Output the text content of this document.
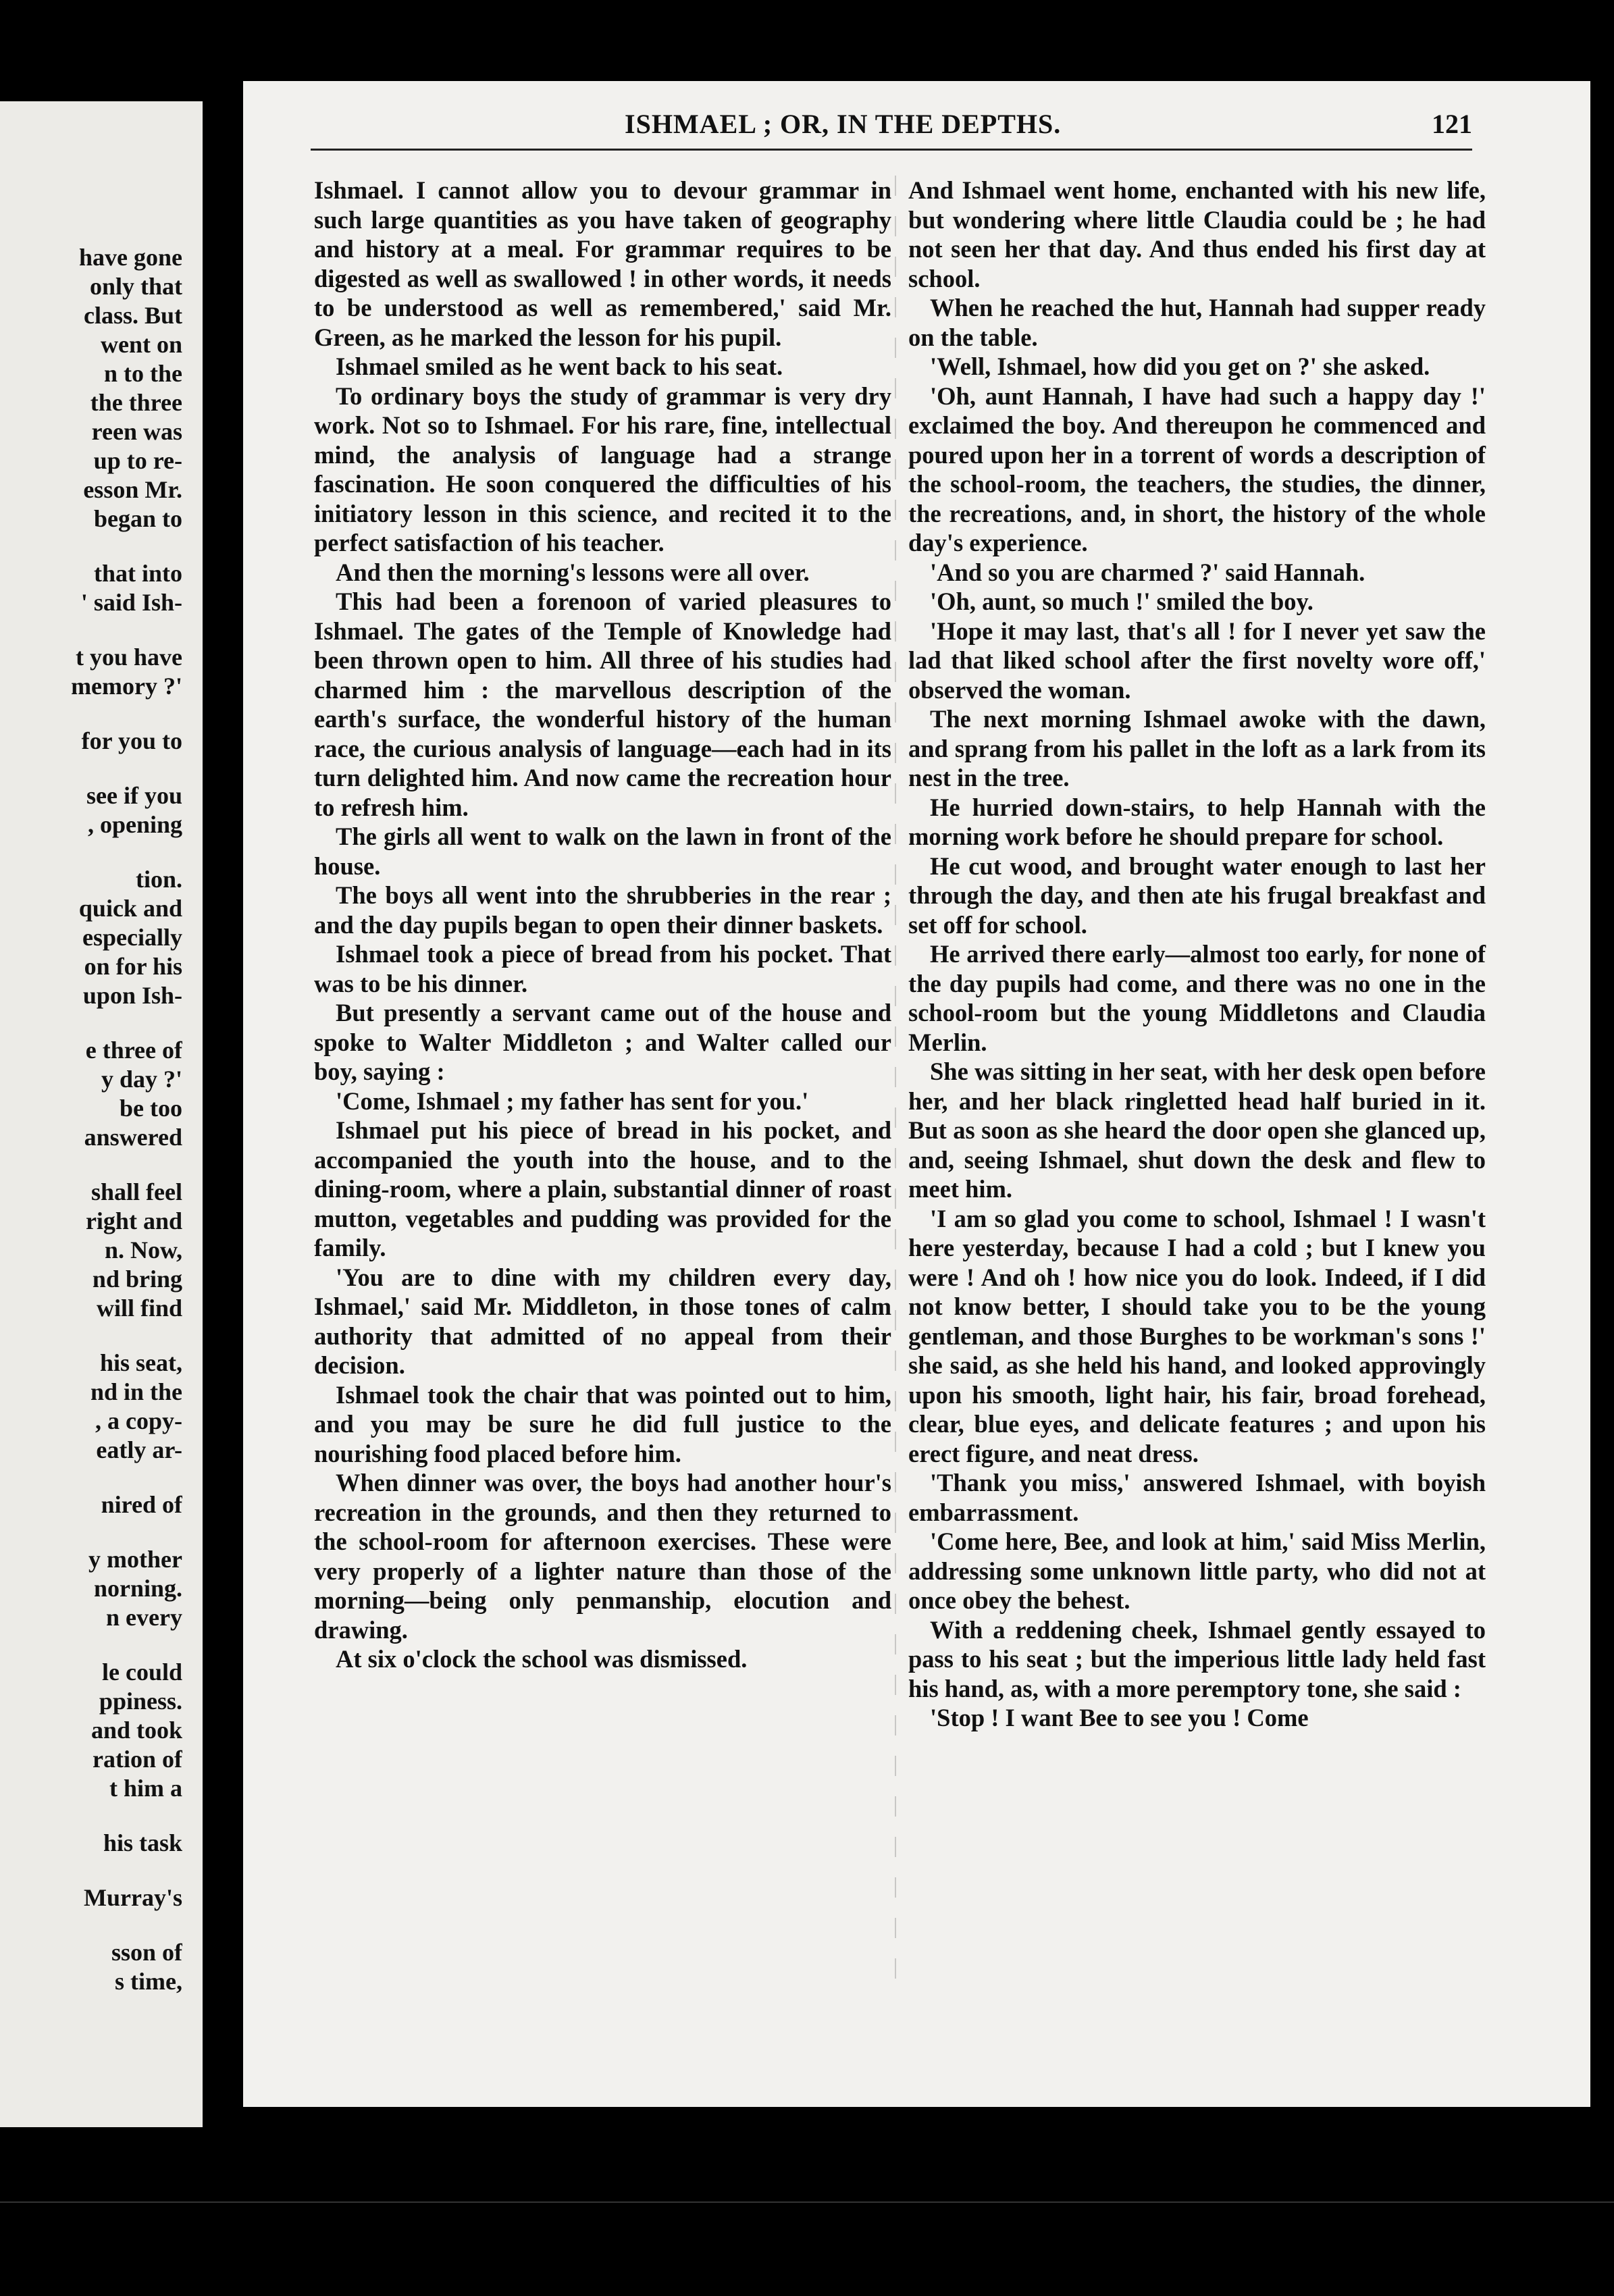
have gone
only that
class. But
went on
n to the
the three
reen was
up to re-
esson Mr.
began to
that into
' said Ish-
t you have
memory ?'
for you to
see if you
, opening
tion.
quick and
especially
on for his
upon Ish-
e three of
y day ?'
be too
answered
shall feel
right and
n. Now,
nd bring
will find
his seat,
nd in the
, a copy-
eatly ar-
nired of
y mother
norning.
n every
le could
ppiness.
and took
ration of
t him a
his task
Murray's
sson of
s time,
ISHMAEL ; OR, IN THE DEPTHS.	121

Ishmael. I cannot allow you to devour grammar in such large quantities as you have taken of geography and history at a meal. For grammar requires to be digested as well as swallowed ! in other words, it needs to be understood as well as remembered,' said Mr. Green, as he marked the lesson for his pupil.

Ishmael smiled as he went back to his seat.

To ordinary boys the study of grammar is very dry work. Not so to Ishmael. For his rare, fine, intellectual mind, the analysis of language had a strange fascination. He soon conquered the difficulties of his initiatory lesson in this science, and recited it to the perfect satisfaction of his teacher.

And then the morning's lessons were all over.

This had been a forenoon of varied pleasures to Ishmael. The gates of the Temple of Knowledge had been thrown open to him. All three of his studies had charmed him : the marvellous description of the earth's surface, the wonderful history of the human race, the curious analysis of language—each had in its turn delighted him. And now came the recreation hour to refresh him.

The girls all went to walk on the lawn in front of the house.

The boys all went into the shrubberies in the rear ; and the day pupils began to open their dinner baskets.

Ishmael took a piece of bread from his pocket. That was to be his dinner.

But presently a servant came out of the house and spoke to Walter Middleton ; and Walter called our boy, saying :

'Come, Ishmael ; my father has sent for you.'

Ishmael put his piece of bread in his pocket, and accompanied the youth into the house, and to the dining-room, where a plain, substantial dinner of roast mutton, vegetables and pudding was provided for the family.

'You are to dine with my children every day, Ishmael,' said Mr. Middleton, in those tones of calm authority that admitted of no appeal from their decision.

Ishmael took the chair that was pointed out to him, and you may be sure he did full justice to the nourishing food placed before him.

When dinner was over, the boys had another hour's recreation in the grounds, and then they returned to the school-room for afternoon exercises. These were very properly of a lighter nature than those of the morning—being only penmanship, elocution and drawing.

At six o'clock the school was dismissed.

And Ishmael went home, enchanted with his new life, but wondering where little Claudia could be ; he had not seen her that day. And thus ended his first day at school.

When he reached the hut, Hannah had supper ready on the table.

'Well, Ishmael, how did you get on ?' she asked.

'Oh, aunt Hannah, I have had such a happy day !' exclaimed the boy. And thereupon he commenced and poured upon her in a torrent of words a description of the school-room, the teachers, the studies, the dinner, the recreations, and, in short, the history of the whole day's experience.

'And so you are charmed ?' said Hannah.

'Oh, aunt, so much !' smiled the boy.

'Hope it may last, that's all ! for I never yet saw the lad that liked school after the first novelty wore off,' observed the woman.

The next morning Ishmael awoke with the dawn, and sprang from his pallet in the loft as a lark from its nest in the tree.

He hurried down-stairs, to help Hannah with the morning work before he should prepare for school.

He cut wood, and brought water enough to last her through the day, and then ate his frugal breakfast and set off for school.

He arrived there early—almost too early, for none of the day pupils had come, and there was no one in the school-room but the young Middletons and Claudia Merlin.

She was sitting in her seat, with her desk open before her, and her black ringletted head half buried in it. But as soon as she heard the door open she glanced up, and, seeing Ishmael, shut down the desk and flew to meet him.

'I am so glad you come to school, Ishmael ! I wasn't here yesterday, because I had a cold ; but I knew you were ! And oh ! how nice you do look. Indeed, if I did not know better, I should take you to be the young gentleman, and those Burghes to be workman's sons !' she said, as she held his hand, and looked approvingly upon his smooth, light hair, his fair, broad forehead, clear, blue eyes, and delicate features ; and upon his erect figure, and neat dress.

'Thank you miss,' answered Ishmael, with boyish embarrassment.

'Come here, Bee, and look at him,' said Miss Merlin, addressing some unknown little party, who did not at once obey the behest.

With a reddening cheek, Ishmael gently essayed to pass to his seat ; but the imperious little lady held fast his hand, as, with a more peremptory tone, she said :

'Stop ! I want Bee to see you ! Come
